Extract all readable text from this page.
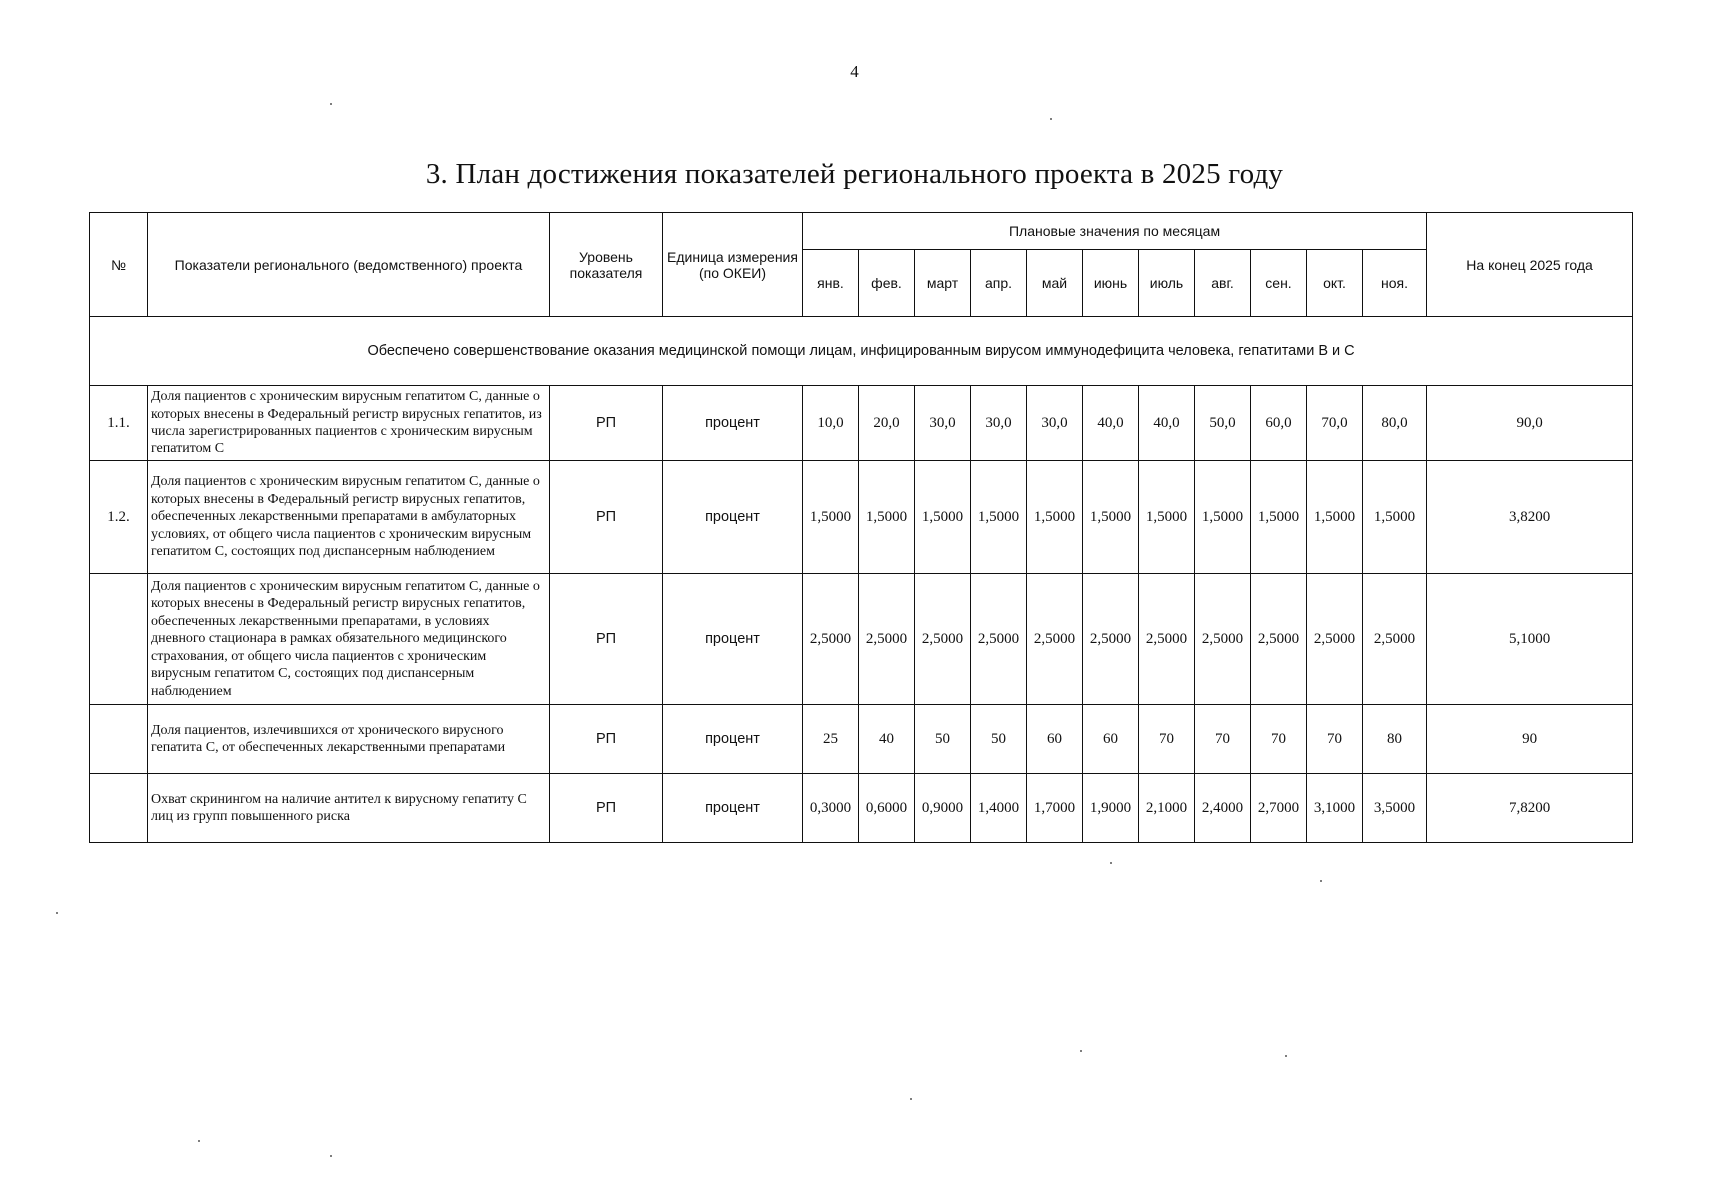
4
3. План достижения показателей регионального проекта в 2025 году
№	Показатели регионального (ведомственного) проекта	Уровень показателя	Единица измерения (по ОКЕИ)	Плановые значения по месяцам											На конец 2025 года
				янв.	фев.	март	апр.	май	июнь	июль	авг.	сен.	окт.	ноя.	
Обеспечено совершенствование оказания медицинской помощи лицам, инфицированным вирусом иммунодефицита человека, гепатитами В и С															
1.1.	Доля пациентов с хроническим вирусным гепатитом С, данные о которых внесены в Федеральный регистр вирусных гепатитов, из числа зарегистрированных пациентов с хроническим вирусным гепатитом С	РП	процент	10,0	20,0	30,0	30,0	30,0	40,0	40,0	50,0	60,0	70,0	80,0	90,0
1.2.	Доля пациентов с хроническим вирусным гепатитом С, данные о которых внесены в Федеральный регистр вирусных гепатитов, обеспеченных лекарственными препаратами в амбулаторных условиях, от общего числа пациентов с хроническим вирусным гепатитом С, состоящих под диспансерным наблюдением	РП	процент	1,5000	1,5000	1,5000	1,5000	1,5000	1,5000	1,5000	1,5000	1,5000	1,5000	1,5000	3,8200
	Доля пациентов с хроническим вирусным гепатитом С, данные о которых внесены в Федеральный регистр вирусных гепатитов, обеспеченных лекарственными препаратами, в условиях дневного стационара в рамках обязательного медицинского страхования, от общего числа пациентов с хроническим вирусным гепатитом С, состоящих под диспансерным наблюдением	РП	процент	2,5000	2,5000	2,5000	2,5000	2,5000	2,5000	2,5000	2,5000	2,5000	2,5000	2,5000	5,1000
	Доля пациентов, излечившихся от хронического вирусного гепатита С, от обеспеченных лекарственными препаратами	РП	процент	25	40	50	50	60	60	70	70	70	70	80	90
	Охват скринингом на наличие антител к вирусному гепатиту С лиц из групп повышенного риска	РП	процент	0,3000	0,6000	0,9000	1,4000	1,7000	1,9000	2,1000	2,4000	2,7000	3,1000	3,5000	7,8200
